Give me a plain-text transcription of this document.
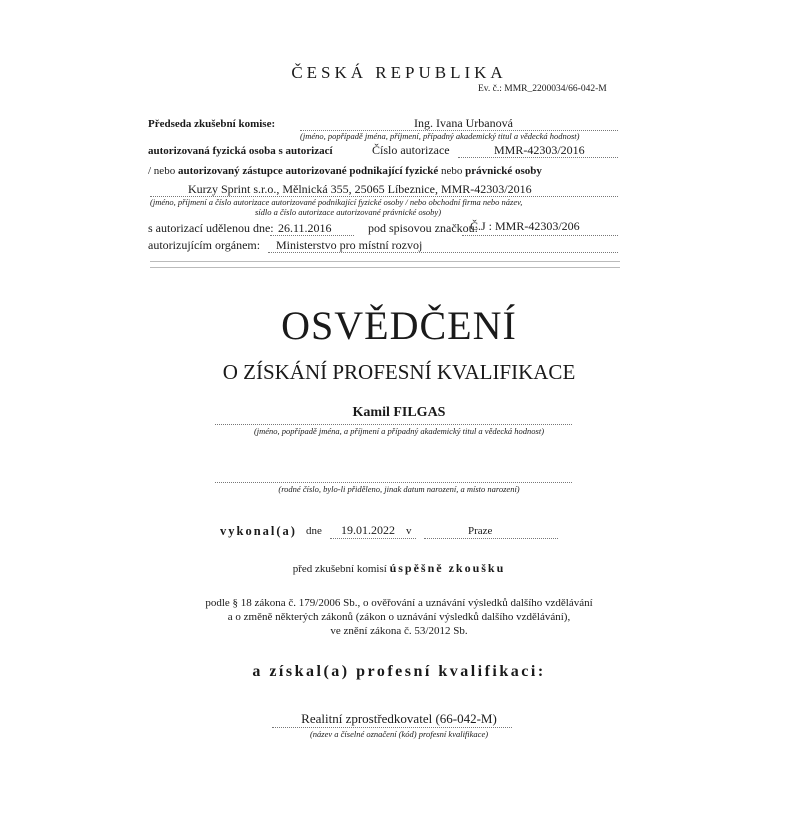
ČESKÁ REPUBLIKA
Ev. č.: MMR_2200034/66-042-M
Předseda zkušební komise:	Ing. Ivana Urbanová
(jméno, popřípadě jména, příjmení, případný akademický titul a vědecká hodnost)
autorizovaná fyzická osoba s autorizací	Číslo autorizace	MMR-42303/2016
/ nebo autorizovaný zástupce autorizované podnikající fyzické nebo právnické osoby
Kurzy Sprint s.r.o., Mělnická 355, 25065 Líbeznice, MMR-42303/2016
(jméno, příjmení a číslo autorizace autorizované podnikající fyzické osoby / nebo obchodní firma nebo název,
sídlo a číslo autorizace autorizované právnické osoby)
s autorizací udělenou dne: 26.11.2016	pod spisovou značkou:
Č.J : MMR-42303/206
autorizujícím orgánem: Ministerstvo pro místní rozvoj
OSVĚDČENÍ
O ZÍSKÁNÍ PROFESNÍ KVALIFIKACE
Kamil FILGAS
(jméno, popřípadě jména, a příjmení a případný akademický titul a vědecká hodnost)
(rodné číslo, bylo-li přiděleno, jinak datum narození, a místo narození)
vykonal(a) dne 19.01.2022 v	Praze
před zkušební komisí úspěšně zkoušku
podle § 18 zákona č. 179/2006 Sb., o ověřování a uznávání výsledků dalšího vzdělávání
a o změně některých zákonů (zákon o uznávání výsledků dalšího vzdělávání),
ve znění zákona č. 53/2012 Sb.
a získal(a) profesní kvalifikaci:
Realitní zprostředkovatel (66-042-M)
(název a číselné označení (kód) profesní kvalifikace)
